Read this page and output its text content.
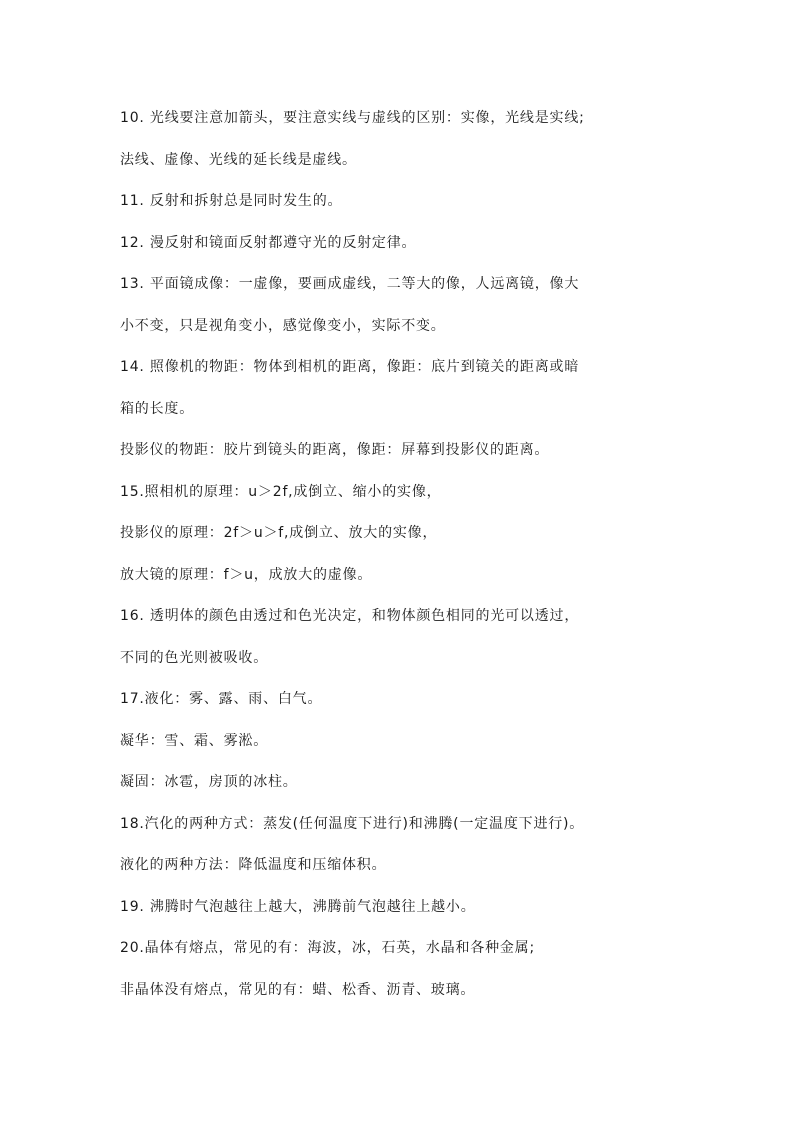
10. 光线要注意加箭头，要注意实线与虚线的区别：实像，光线是实线;
法线、虚像、光线的延长线是虚线。
11. 反射和拆射总是同时发生的。
12. 漫反射和镜面反射都遵守光的反射定律。
13. 平面镜成像：一虚像，要画成虚线，二等大的像，人远离镜，像大
小不变，只是视角变小，感觉像变小，实际不变。
14. 照像机的物距：物体到相机的距离，像距：底片到镜关的距离或暗
箱的长度。
投影仪的物距：胶片到镜头的距离，像距：屏幕到投影仪的距离。
15.照相机的原理：u＞2f,成倒立、缩小的实像，
投影仪的原理：2f＞u＞f,成倒立、放大的实像，
放大镜的原理：f＞u，成放大的虚像。
16. 透明体的颜色由透过和色光决定，和物体颜色相同的光可以透过，
不同的色光则被吸收。
17.液化：雾、露、雨、白气。
凝华：雪、霜、雾淞。
凝固：冰雹，房顶的冰柱。
18.汽化的两种方式：蒸发(任何温度下进行)和沸腾(一定温度下进行)。
液化的两种方法：降低温度和压缩体积。
19. 沸腾时气泡越往上越大，沸腾前气泡越往上越小。
20.晶体有熔点，常见的有：海波，冰，石英，水晶和各种金属;
非晶体没有熔点，常见的有：蜡、松香、沥青、玻璃。
